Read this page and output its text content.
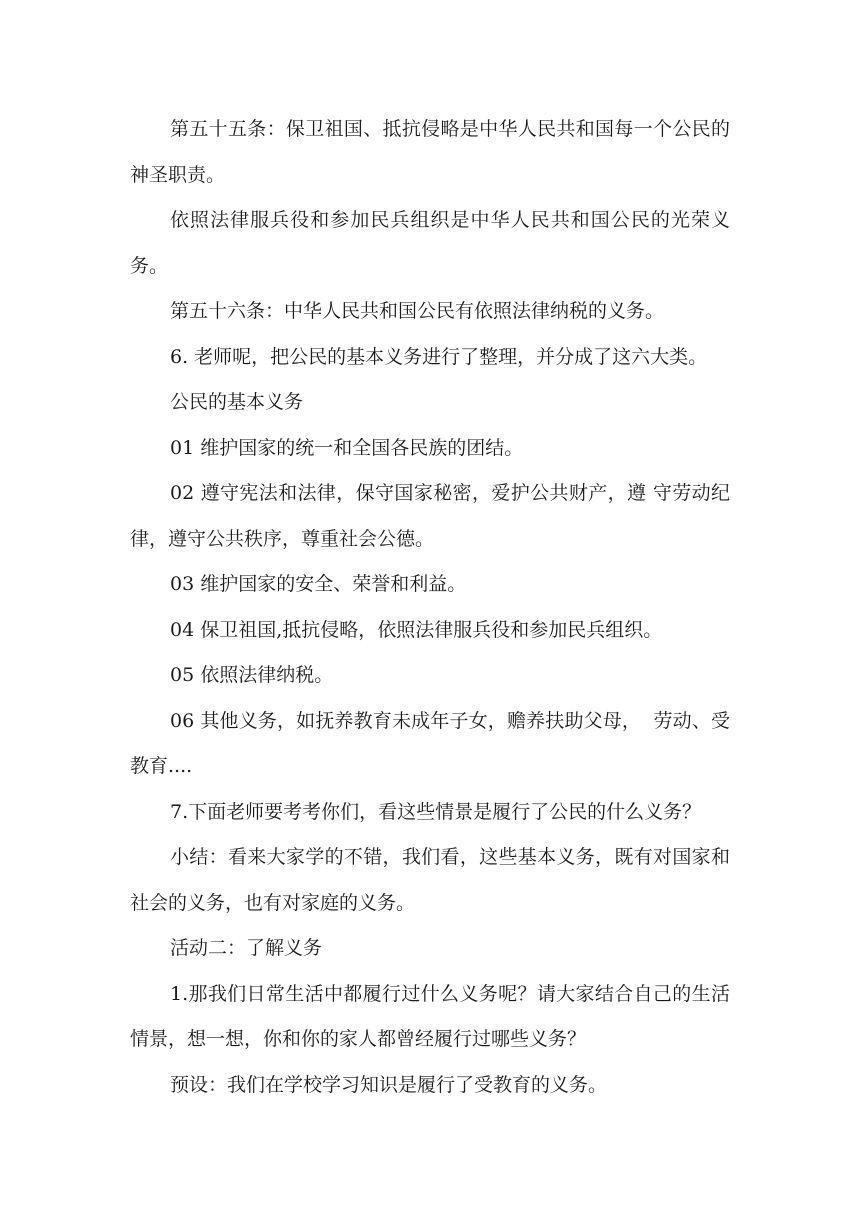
第五十五条：保卫祖国、抵抗侵略是中华人民共和国每一个公民的神圣职责。

依照法律服兵役和参加民兵组织是中华人民共和国公民的光荣义务。

第五十六条：中华人民共和国公民有依照法律纳税的义务。

6. 老师呢，把公民的基本义务进行了整理，并分成了这六大类。

公民的基本义务

01 维护国家的统一和全国各民族的团结。

02 遵守宪法和法律，保守国家秘密，爱护公共财产，遵 守劳动纪律，遵守公共秩序，尊重社会公德。

03 维护国家的安全、荣誉和利益。

04 保卫祖国,抵抗侵略，依照法律服兵役和参加民兵组织。

05 依照法律纳税。

06 其他义务，如抚养教育未成年子女，赡养扶助父母，  劳动、受教育....

7.下面老师要考考你们，看这些情景是履行了公民的什么义务？

小结：看来大家学的不错，我们看，这些基本义务，既有对国家和社会的义务，也有对家庭的义务。

活动二：了解义务

1.那我们日常生活中都履行过什么义务呢？请大家结合自己的生活情景，想一想，你和你的家人都曾经履行过哪些义务？

预设：我们在学校学习知识是履行了受教育的义务。
